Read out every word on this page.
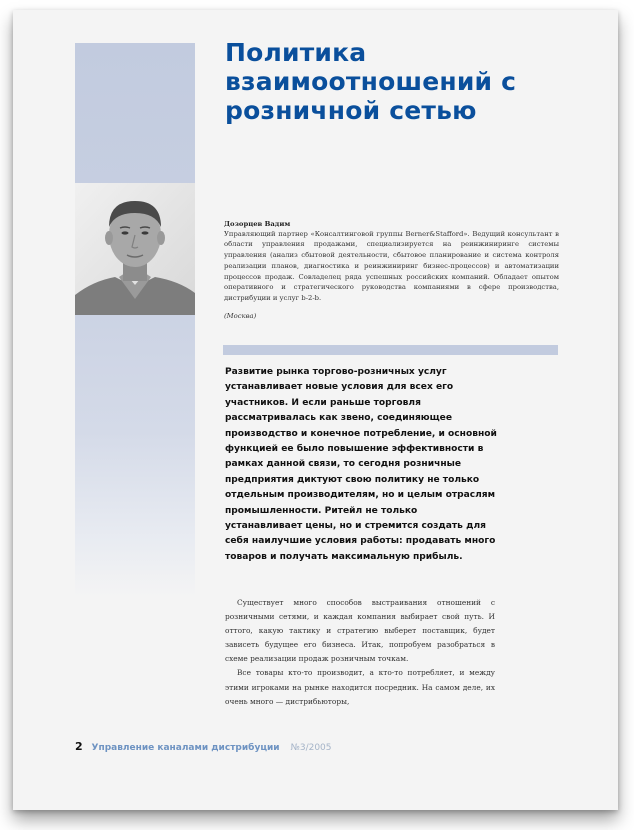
Политика взаимоотношений с розничной сетью
Дозорцев Вадим
Управляющий партнер «Консалтинговой группы Berner&Stafford». Ведущий консультант в области управления продажами, специализируется на реинжиниринге системы управления (анализ сбытовой деятельности, сбытовое планирование и система контроля реализации планов, диагностика и реинжиниринг бизнес-процессов) и автоматизации процессов продаж. Совладелец ряда успешных российских компаний. Обладает опытом оперативного и стратегического руководства компаниями в сфере производства, дистрибуции и услуг b-2-b.
(Москва)
Развитие рынка торгово-розничных услуг устанавливает новые условия для всех его участников. И если раньше торговля рассматривалась как звено, соединяющее производство и конечное потребление, и основной функцией ее было повышение эффективности в рамках данной связи, то сегодня розничные предприятия диктуют свою политику не только отдельным производителям, но и целым отраслям промышленности. Ритейл не только устанавливает цены, но и стремится создать для себя наилучшие условия работы: продавать много товаров и получать максимальную прибыль.

Существует много способов выстраивания отношений с розничными сетями, и каждая компания выбирает свой путь. И оттого, какую тактику и стратегию выберет поставщик, будет зависеть будущее его бизнеса. Итак, попробуем разобраться в схеме реализации продаж розничным точкам.

Все товары кто-то производит, а кто-то потребляет, и между этими игроками на рынке находится посредник. На самом деле, их очень много — дистрибьюторы,

2 Управление каналами дистрибуции №3/2005
